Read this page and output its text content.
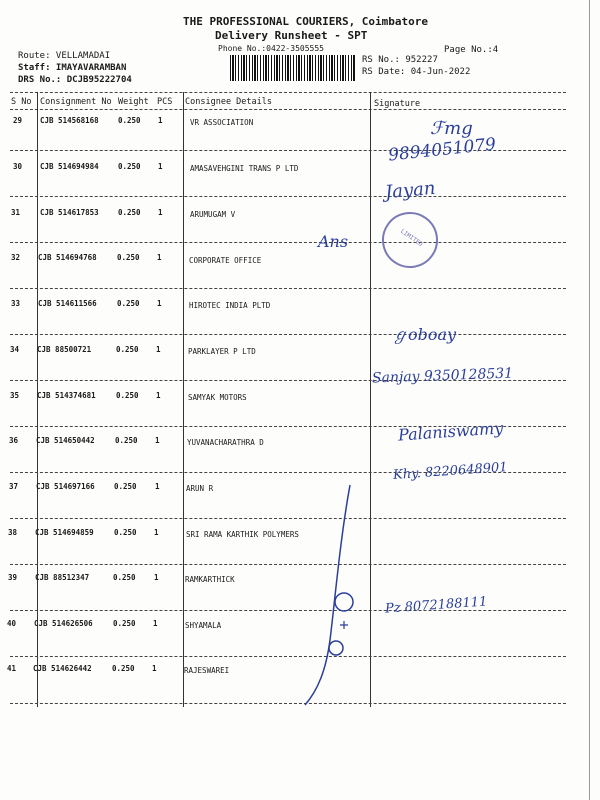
THE PROFESSIONAL COURIERS, Coimbatore
Delivery Runsheet - SPT
Phone No.:0422-3505555	Page No.:4
RS No.: 952227
RS Date: 04-Jun-2022
Route: VELLAMADAI
Staff: IMAYAVARAMBAN
DRS No.: DCJB95222704
S No Consignment No Weight PCS Consignee Details	Signature
29 CJB 514568168	0.250 1	VR ASSOCIATION
30 CJB 514694984	0.250 1	AMASAVEHGINI TRANS P LTD
31	CJB 514617853	0.250 1	ARUMUGAM V
32 CJB 514694768	0.250 1	CORPORATE OFFICE
33 CJB 514611566	0.250 1	HIROTEC INDIA PLTD
34 CJB 88500721	0.250 1	PARKLAYER P LTD
35 CJB 514374681	0.250 1	SAMYAK MOTORS
36 CJB 514650442	0.250 1	YUVANACHARATHRA D
37 CJB 514697166	0.250 1	ARUN R
38 CJB 514694859	0.250 1	SRI RAMA KARTHIK POLYMERS
39 CJB 88512347	0.250 1	RAMKARTHICK
40 CJB 514626506	0.250 1	SHYAMALA
41 CJB 514626442	0.250 1	RAJESWAREI
ℱmg
9894051079
Jayan
Ans	LIMITED
ℊoboay
Sanjay 9350128531
Palaniswamy
Khy. 8220648901
Pz 8072188111
